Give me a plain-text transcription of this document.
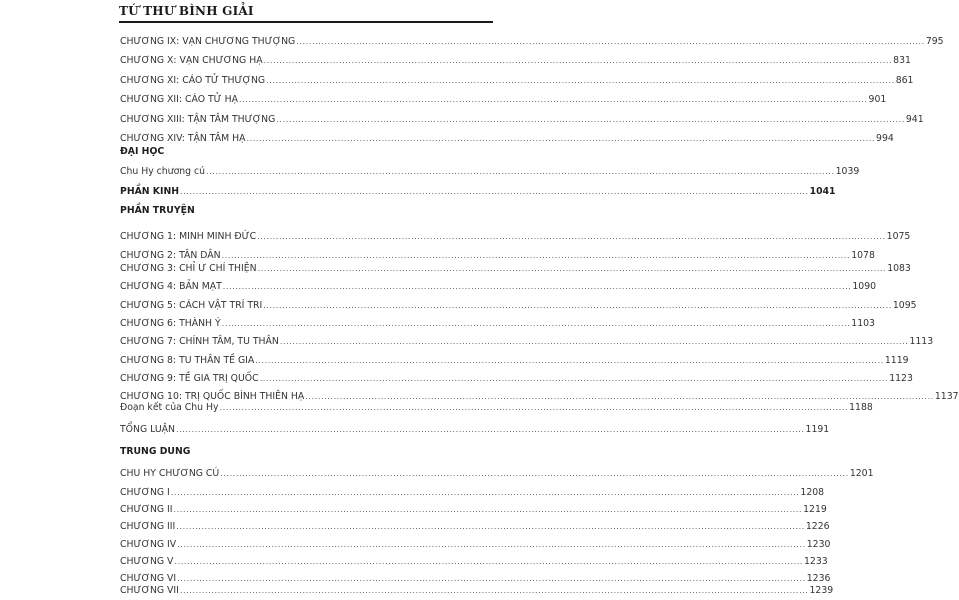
TỨ THƯ BÌNH GIẢI
CHƯƠNG IX: VẠN CHƯƠNG THƯỢNG ........................................................................................................................................................................................................ 795
CHƯƠNG X: VẠN CHƯƠNG HẠ ........................................................................................................................................................................................................ 831
CHƯƠNG XI: CÁO TỬ THƯỢNG ........................................................................................................................................................................................................ 861
CHƯƠNG XII: CÁO TỬ HẠ ........................................................................................................................................................................................................ 901
CHƯƠNG XIII: TẬN TÂM THƯỢNG ........................................................................................................................................................................................................ 941
CHƯƠNG XIV: TẬN TÂM HẠ ........................................................................................................................................................................................................ 994
ĐẠI HỌC
Chu Hy chương cú ........................................................................................................................................................................................................ 1039
PHẦN KINH ........................................................................................................................................................................................................ 1041
PHẦN TRUYỆN
CHƯƠNG 1: MINH MINH ĐỨC ........................................................................................................................................................................................................ 1075
CHƯƠNG 2: TÂN DÂN ........................................................................................................................................................................................................ 1078
CHƯƠNG 3: CHỈ Ư CHÍ THIỆN ........................................................................................................................................................................................................ 1083
CHƯƠNG 4: BẢN MẠT ........................................................................................................................................................................................................ 1090
CHƯƠNG 5: CÁCH VẬT TRÍ TRI ........................................................................................................................................................................................................ 1095
CHƯƠNG 6: THÀNH Ý ........................................................................................................................................................................................................ 1103
CHƯƠNG 7: CHÍNH TÂM, TU THÂN ........................................................................................................................................................................................................ 1113
CHƯƠNG 8: TU THÂN TỀ GIA ........................................................................................................................................................................................................ 1119
CHƯƠNG 9: TỀ GIA TRỊ QUỐC ........................................................................................................................................................................................................ 1123
CHƯƠNG 10: TRỊ QUỐC BÌNH THIÊN HẠ ........................................................................................................................................................................................................ 1137
Đoạn kết của Chu Hy ........................................................................................................................................................................................................ 1188
TỔNG LUẬN ........................................................................................................................................................................................................ 1191
TRUNG DUNG
CHU HY CHƯƠNG CÚ ........................................................................................................................................................................................................ 1201
CHƯƠNG I ........................................................................................................................................................................................................ 1208
CHƯƠNG II ........................................................................................................................................................................................................ 1219
CHƯƠNG III ........................................................................................................................................................................................................ 1226
CHƯƠNG IV ........................................................................................................................................................................................................ 1230
CHƯƠNG V ........................................................................................................................................................................................................ 1233
CHƯƠNG VI ........................................................................................................................................................................................................ 1236
CHƯƠNG VII ........................................................................................................................................................................................................ 1239
